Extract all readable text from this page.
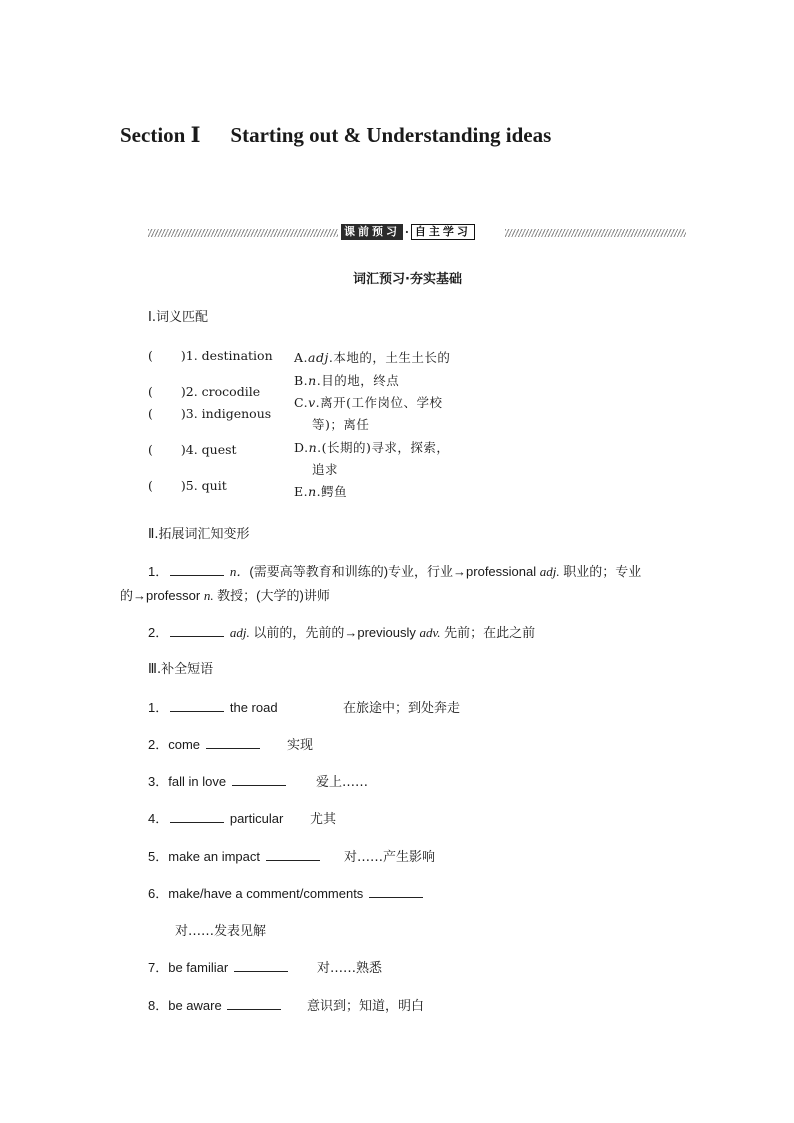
Section Ⅰ Starting out & Understanding ideas
课前预习 · 自主学习
词汇预习·夯实基础
Ⅰ.词义匹配
( )1. destination
( )2. crocodile
( )3. indigenous
( )4. quest
( )5. quit
A.adj.本地的，土生土长的
B.n.目的地，终点
C.v.离开(工作岗位、学校
等)；离任
D.n.(长期的)寻求，探索，
追求
E.n.鳄鱼
Ⅱ.拓展词汇知变形
1．	n．(需要高等教育和训练的)专业，行业→professional adj. 职业的；专业
的→professor n. 教授；(大学的)讲师
2．	adj. 以前的，先前的→previously adv. 先前；在此之前
Ⅲ.补全短语
1．	the road	在旅途中；到处奔走
2．come	实现
3．fall in love	爱上……
4．	particular 尤其
5．make an impact	对……产生影响
6．make/have a comment/comments
对……发表见解
7．be familiar	对……熟悉
8．be aware	意识到；知道，明白
